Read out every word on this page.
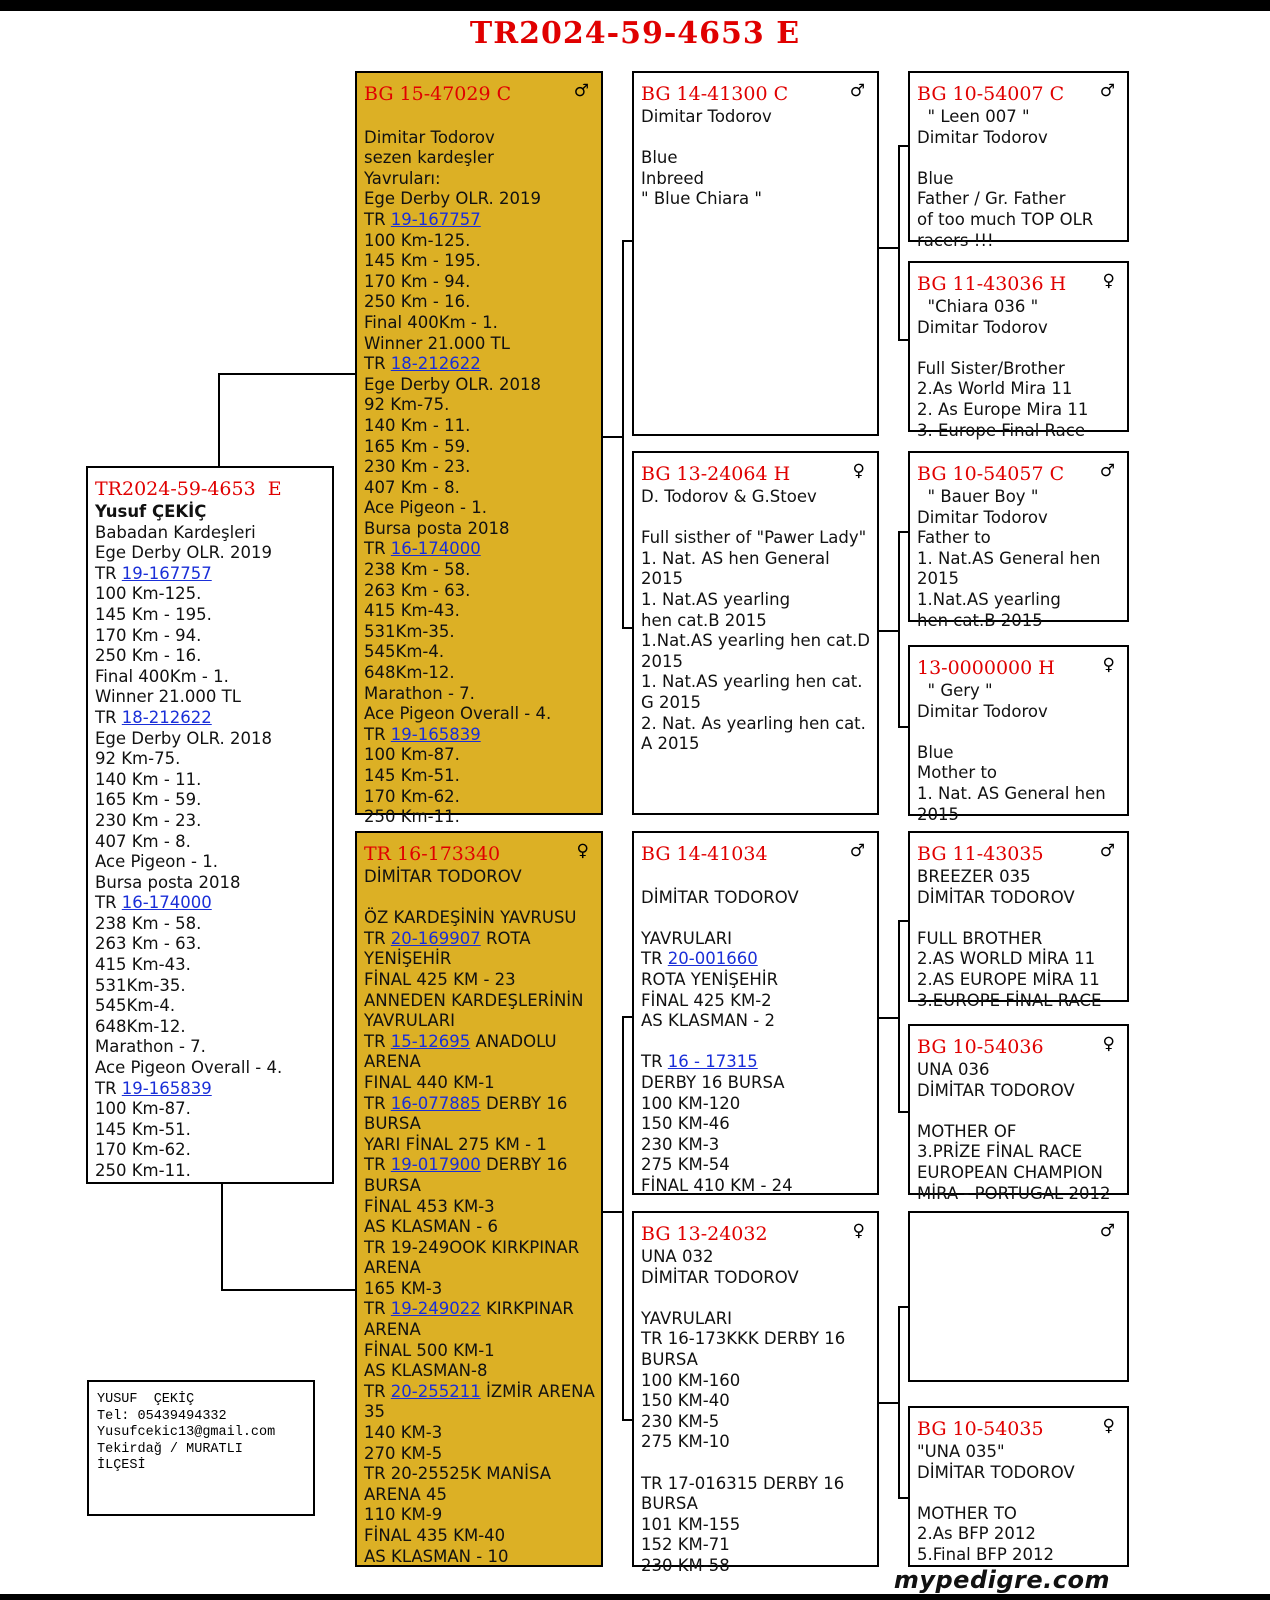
TR2024-59-4653 E
TR2024-59-4653  E
Yusuf ÇEKİÇ
Babadan Kardeşleri
Ege Derby OLR. 2019
TR 19-167757
100 Km-125.
145 Km - 195.
170 Km - 94.
250 Km - 16.
Final 400Km - 1.
Winner 21.000 TL
TR 18-212622
Ege Derby OLR. 2018
92 Km-75.
140 Km - 11.
165 Km - 59.
230 Km - 23.
407 Km - 8.
Ace Pigeon - 1.
Bursa posta 2018
TR 16-174000
238 Km - 58.
263 Km - 63.
415 Km-43.
531Km-35.
545Km-4.
648Km-12.
Marathon - 7.
Ace Pigeon Overall - 4.
TR 19-165839
100 Km-87.
145 Km-51.
170 Km-62.
250 Km-11.
BG 15-47029 C	♂
Dimitar Todorov
sezen kardeşler
Yavruları:
Ege Derby OLR. 2019
TR 19-167757
100 Km-125.
145 Km - 195.
170 Km - 94.
250 Km - 16.
Final 400Km - 1.
Winner 21.000 TL
TR 18-212622
Ege Derby OLR. 2018
92 Km-75.
140 Km - 11.
165 Km - 59.
230 Km - 23.
407 Km - 8.
Ace Pigeon - 1.
Bursa posta 2018
TR 16-174000
238 Km - 58.
263 Km - 63.
415 Km-43.
531Km-35.
545Km-4.
648Km-12.
Marathon - 7.
Ace Pigeon Overall - 4.
TR 19-165839
100 Km-87.
145 Km-51.
170 Km-62.
250 Km-11.
TR 16-173340	♀
DİMİTAR TODOROV
ÖZ KARDEŞİNİN YAVRUSU
TR 20-169907 ROTA
YENİŞEHİR
FİNAL 425 KM - 23
ANNEDEN KARDEŞLERİNİN
YAVRULARI
TR 15-12695 ANADOLU
ARENA
FINAL 440 KM-1
TR 16-077885 DERBY 16
BURSA
YARI FİNAL 275 KM - 1
TR 19-017900 DERBY 16
BURSA
FİNAL 453 KM-3
AS KLASMAN - 6
TR 19-249OOK KIRKPINAR
ARENA
165 KM-3
TR 19-249022 KIRKPINAR
ARENA
FİNAL 500 KM-1
AS KLASMAN-8
TR 20-255211 İZMİR ARENA
35
140 KM-3
270 KM-5
TR 20-25525K MANİSA
ARENA 45
110 KM-9
FİNAL 435 KM-40
AS KLASMAN - 10
BG 14-41300 C	♂
Dimitar Todorov
Blue
Inbreed
" Blue Chiara "
BG 13-24064 H	♀
D. Todorov & G.Stoev
Full sisther of "Pawer Lady"
1. Nat. AS hen General
2015
1. Nat.AS yearling
hen cat.B 2015
1.Nat.AS yearling hen cat.D
2015
1. Nat.AS yearling hen cat.
G 2015
2. Nat. As yearling hen cat.
A 2015
BG 14-41034	♂
DİMİTAR TODOROV
YAVRULARI
TR 20-001660
ROTA YENİŞEHİR
FİNAL 425 KM-2
AS KLASMAN - 2
TR 16 - 17315
DERBY 16 BURSA
100 KM-120
150 KM-46
230 KM-3
275 KM-54
FİNAL 410 KM - 24
BG 13-24032	♀
UNA 032
DİMİTAR TODOROV
YAVRULARI
TR 16-173KKK DERBY 16
BURSA
100 KM-160
150 KM-40
230 KM-5
275 KM-10
TR 17-016315 DERBY 16
BURSA
101 KM-155
152 KM-71
230 KM-58
BG 10-54007 C	♂
" Leen 007 "
Dimitar Todorov
Blue
Father / Gr. Father
of too much TOP OLR
racers !!!
BG 11-43036 H	♀
"Chiara 036 "
Dimitar Todorov
Full Sister/Brother
2.As World Mira 11
2. As Europe Mira 11
3. Europe Final Race
BG 10-54057 C	♂
" Bauer Boy "
Dimitar Todorov
Father to
1. Nat.AS General hen
2015
1.Nat.AS yearling
hen cat.B 2015
13-0000000 H	♀
" Gery "
Dimitar Todorov
Blue
Mother to
1. Nat. AS General hen
2015
BG 11-43035	♂
BREEZER 035
DİMİTAR TODOROV
FULL BROTHER
2.AS WORLD MİRA 11
2.AS EUROPE MİRA 11
3.EUROPE FİNAL RACE
BG 10-54036	♀
UNA 036
DİMİTAR TODOROV
MOTHER OF
3.PRİZE FİNAL RACE
EUROPEAN CHAMPION
MİRA - PORTUGAL 2012
♂
BG 10-54035	♀
"UNA 035"
DİMİTAR TODOROV
MOTHER TO
2.As BFP 2012
5.Final BFP 2012
YUSUF  ÇEKİÇ
Tel: 05439494332
Yusufcekic13@gmail.com
Tekirdağ / MURATLI
İLÇESİ
mypedigre.com
